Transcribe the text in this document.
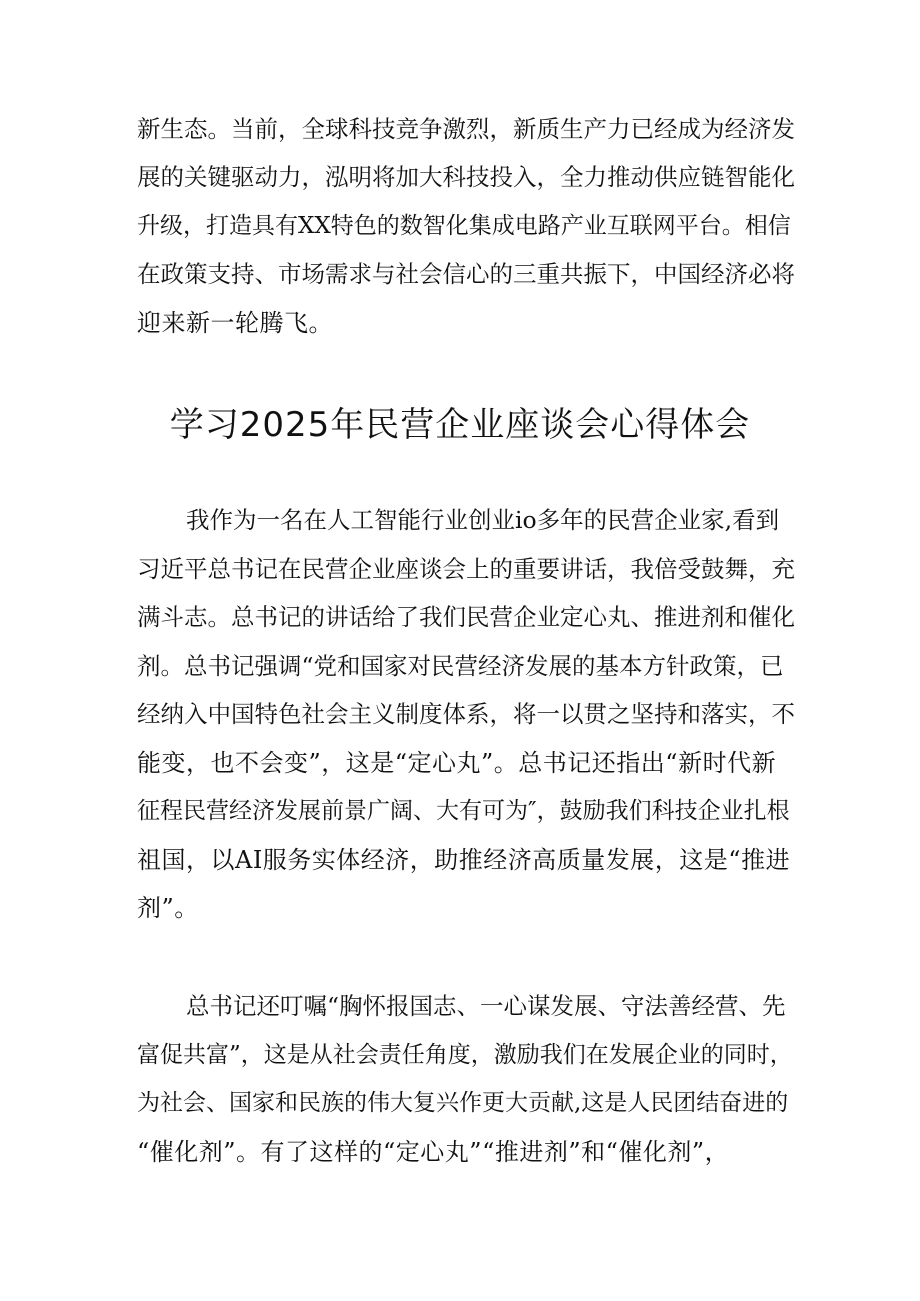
新生态。当前，全球科技竞争激烈，新质生产力已经成为经济发
展的关键驱动力，泓明将加大科技投入，全力推动供应链智能化
升级，打造具有XX特色的数智化集成电路产业互联网平台。相信
在政策支持、市场需求与社会信心的三重共振下，中国经济必将
迎来新一轮腾飞。
学习2025年民营企业座谈会心得体会
我作为一名在人工智能行业创业io多年的民营企业家,看到
习近平总书记在民营企业座谈会上的重要讲话，我倍受鼓舞，充
满斗志。总书记的讲话给了我们民营企业定心丸、推进剂和催化
剂。总书记强调“党和国家对民营经济发展的基本方针政策，已
经纳入中国特色社会主义制度体系，将一以贯之坚持和落实，不
能变，也不会变”，这是“定心丸”。总书记还指出“新时代新
征程民营经济发展前景广阔、大有可为″，鼓励我们科技企业扎根
祖国，以AI服务实体经济，助推经济高质量发展，这是“推进
剂”。
总书记还叮嘱“胸怀报国志、一心谋发展、守法善经营、先
富促共富”，这是从社会责任角度，激励我们在发展企业的同时，
为社会、国家和民族的伟大复兴作更大贡献,这是人民团结奋进的
“催化剂”。有了这样的“定心丸”“推进剂”和“催化剂”，
